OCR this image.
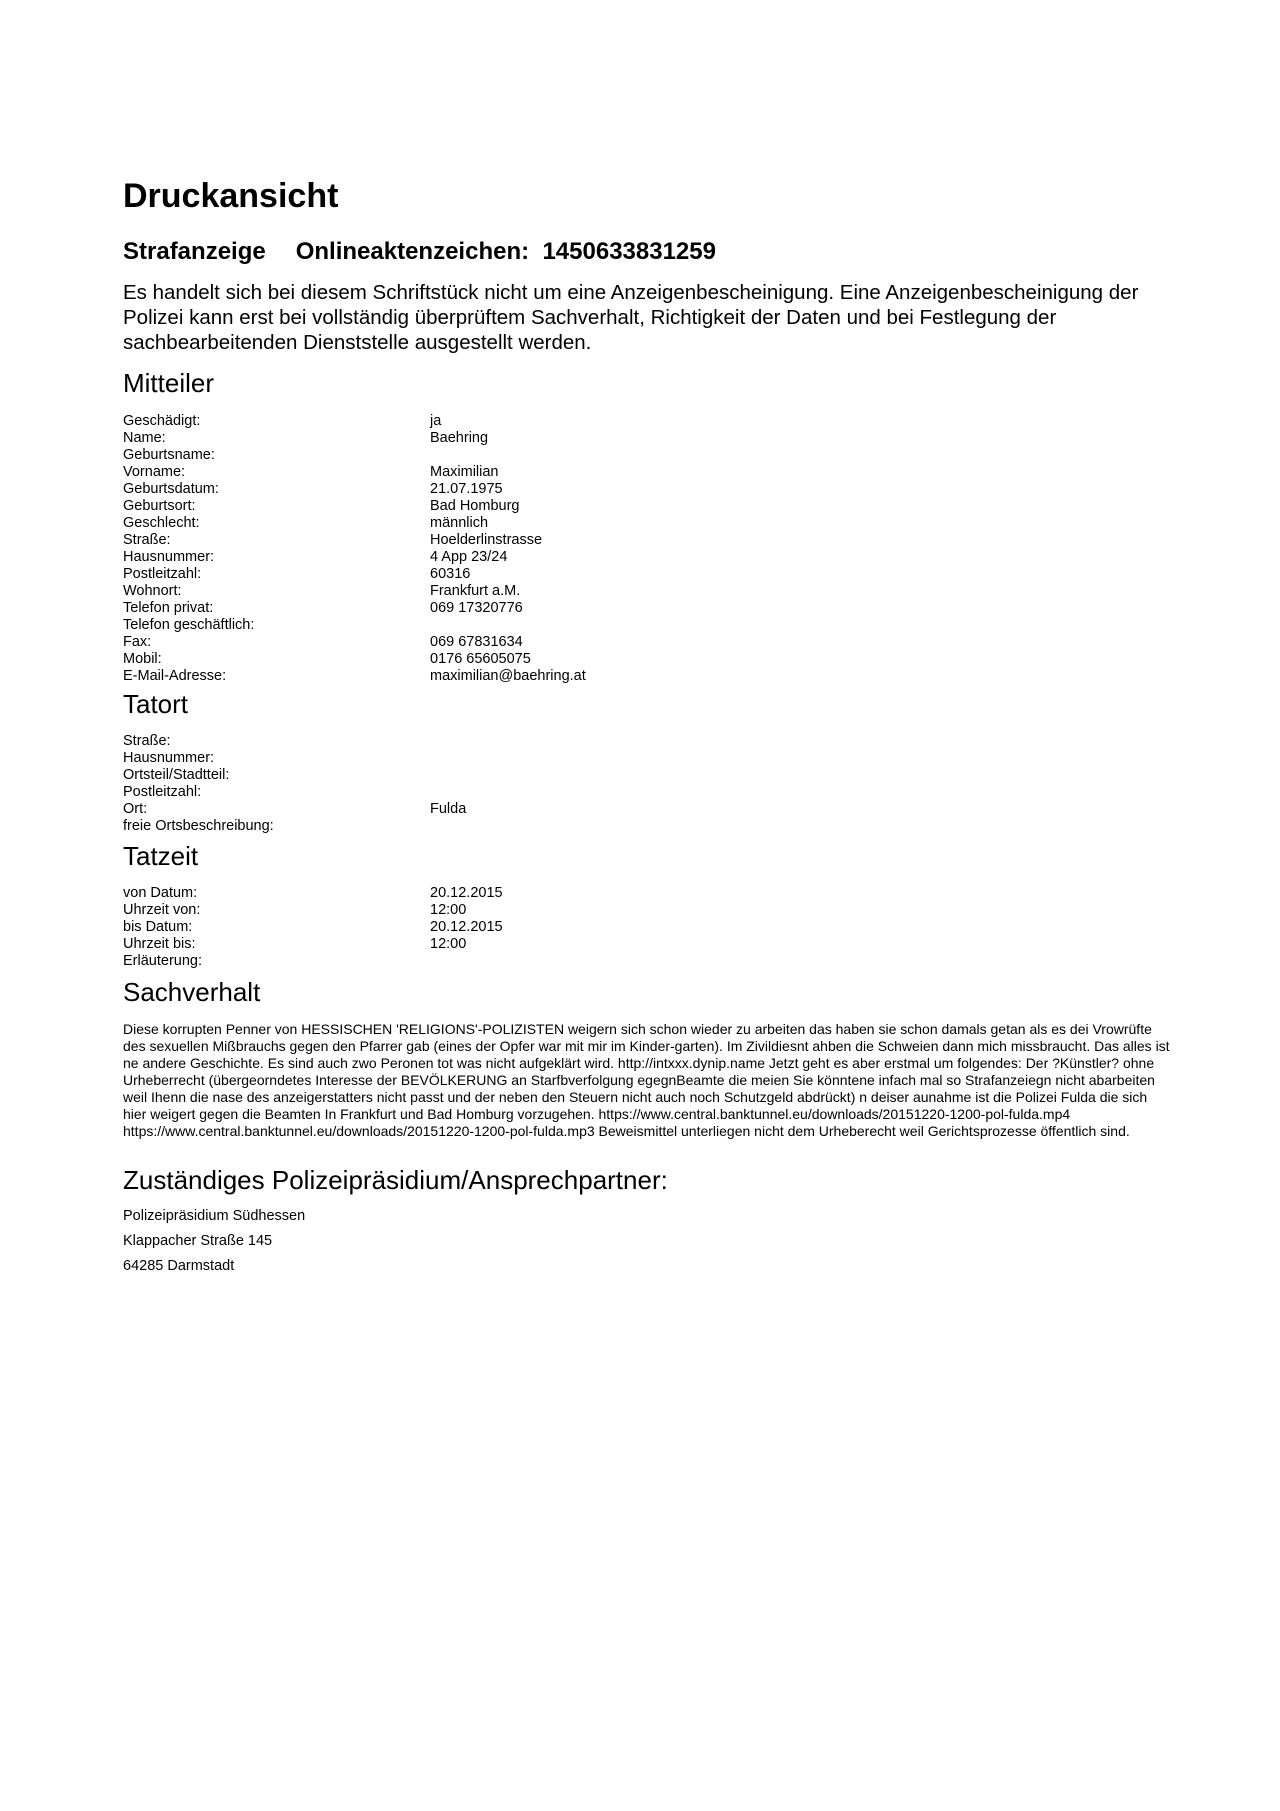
Druckansicht
Strafanzeige Onlineaktenzeichen: 1450633831259

Es handelt sich bei diesem Schriftstück nicht um eine Anzeigenbescheinigung. Eine Anzeigenbescheinigung der Polizei kann erst bei vollständig überprüftem Sachverhalt, Richtigkeit der Daten und bei Festlegung der sachbearbeitenden Dienststelle ausgestellt werden.

Mitteiler
Geschädigt:	ja
Name:	Baehring
Geburtsname:
Vorname:	Maximilian
Geburtsdatum:	21.07.1975
Geburtsort:	Bad Homburg
Geschlecht:	männlich
Straße:	Hoelderlinstrasse
Hausnummer:	4 App 23/24
Postleitzahl:	60316
Wohnort:	Frankfurt a.M.
Telefon privat:	069 17320776
Telefon geschäftlich:
Fax:	069 67831634
Mobil:	0176 65605075
E-Mail-Adresse:	maximilian@baehring.at
Tatort
Straße:
Hausnummer:
Ortsteil/Stadtteil:
Postleitzahl:
Ort:	Fulda
freie Ortsbeschreibung:
Tatzeit
von Datum:	20.12.2015
Uhrzeit von:	12:00
bis Datum:	20.12.2015
Uhrzeit bis:	12:00
Erläuterung:
Sachverhalt

Diese korrupten Penner von HESSISCHEN 'RELIGIONS'-POLIZISTEN weigern sich schon wieder zu arbeiten das haben sie schon damals getan als es dei Vrowrüfte des sexuellen Mißbrauchs gegen den Pfarrer gab (eines der Opfer war mit mir im Kinder-garten). Im Zivildiesnt ahben die Schweien dann mich missbraucht. Das alles ist ne andere Geschichte. Es sind auch zwo Peronen tot was nicht aufgeklärt wird. http://intxxx.dynip.name Jetzt geht es aber erstmal um folgendes: Der ?Künstler? ohne Urheberrecht (übergeorndetes Interesse der BEVÖLKERUNG an Starfbverfolgung egegnBeamte die meien Sie könntene infach mal so Strafanzeiegn nicht abarbeiten weil Ihenn die nase des anzeigerstatters nicht passt und der neben den Steuern nicht auch noch Schutzgeld abdrückt) n deiser aunahme ist die Polizei Fulda die sich hier weigert gegen die Beamten In Frankfurt und Bad Homburg vorzugehen. https://www.central.banktunnel.eu/downloads/20151220-1200-pol-fulda.mp4 https://www.central.banktunnel.eu/downloads/20151220-1200-pol-fulda.mp3 Beweismittel unterliegen nicht dem Urheberecht weil Gerichtsprozesse öffentlich sind.

Zuständiges Polizeipräsidium/Ansprechpartner:
Polizeipräsidium Südhessen
Klappacher Straße 145
64285 Darmstadt
